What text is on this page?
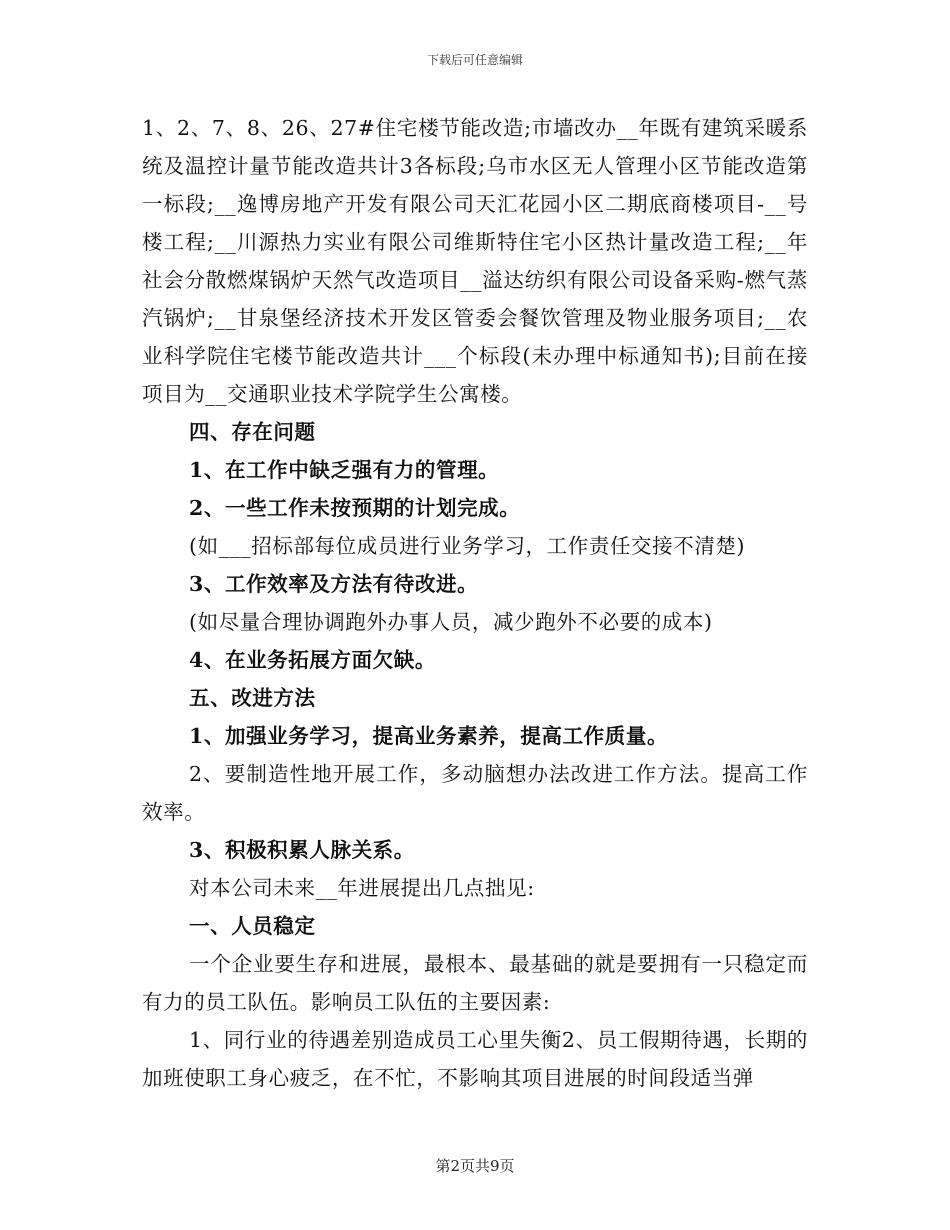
下载后可任意编辑

1、2、7、8、26、27#住宅楼节能改造;市墙改办__年既有建筑采暖系统及温控计量节能改造共计3各标段;乌市水区无人管理小区节能改造第一标段;__逸博房地产开发有限公司天汇花园小区二期底商楼项目-__号楼工程;__川源热力实业有限公司维斯特住宅小区热计量改造工程;__年社会分散燃煤锅炉天然气改造项目__溢达纺织有限公司设备采购-燃气蒸汽锅炉;__甘泉堡经济技术开发区管委会餐饮管理及物业服务项目;__农业科学院住宅楼节能改造共计___个标段(未办理中标通知书);目前在接项目为__交通职业技术学院学生公寓楼。

四、存在问题

1、在工作中缺乏强有力的管理。

2、一些工作未按预期的计划完成。

(如___招标部每位成员进行业务学习，工作责任交接不清楚)

3、工作效率及方法有待改进。

(如尽量合理协调跑外办事人员，减少跑外不必要的成本)

4、在业务拓展方面欠缺。

五、改进方法

1、加强业务学习，提高业务素养，提高工作质量。

2、要制造性地开展工作，多动脑想办法改进工作方法。提高工作效率。

3、积极积累人脉关系。

对本公司未来__年进展提出几点拙见:

一、人员稳定

一个企业要生存和进展，最根本、最基础的就是要拥有一只稳定而有力的员工队伍。影响员工队伍的主要因素:

1、同行业的待遇差别造成员工心里失衡2、员工假期待遇，长期的加班使职工身心疲乏，在不忙，不影响其项目进展的时间段适当弹

第2页共9页
